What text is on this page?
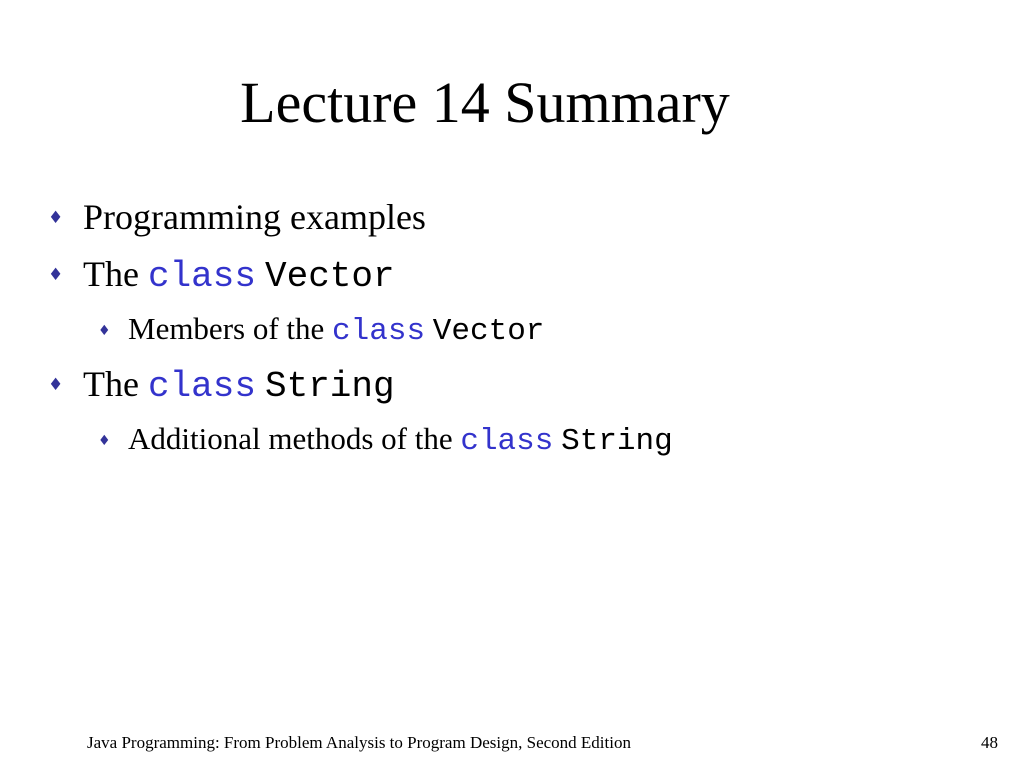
Lecture 14 Summary
♦ Programming examples
♦ The class Vector
♦ Members of the class Vector
♦ The class String
♦ Additional methods of the class String
Java Programming: From Problem Analysis to Program Design, Second Edition	48
